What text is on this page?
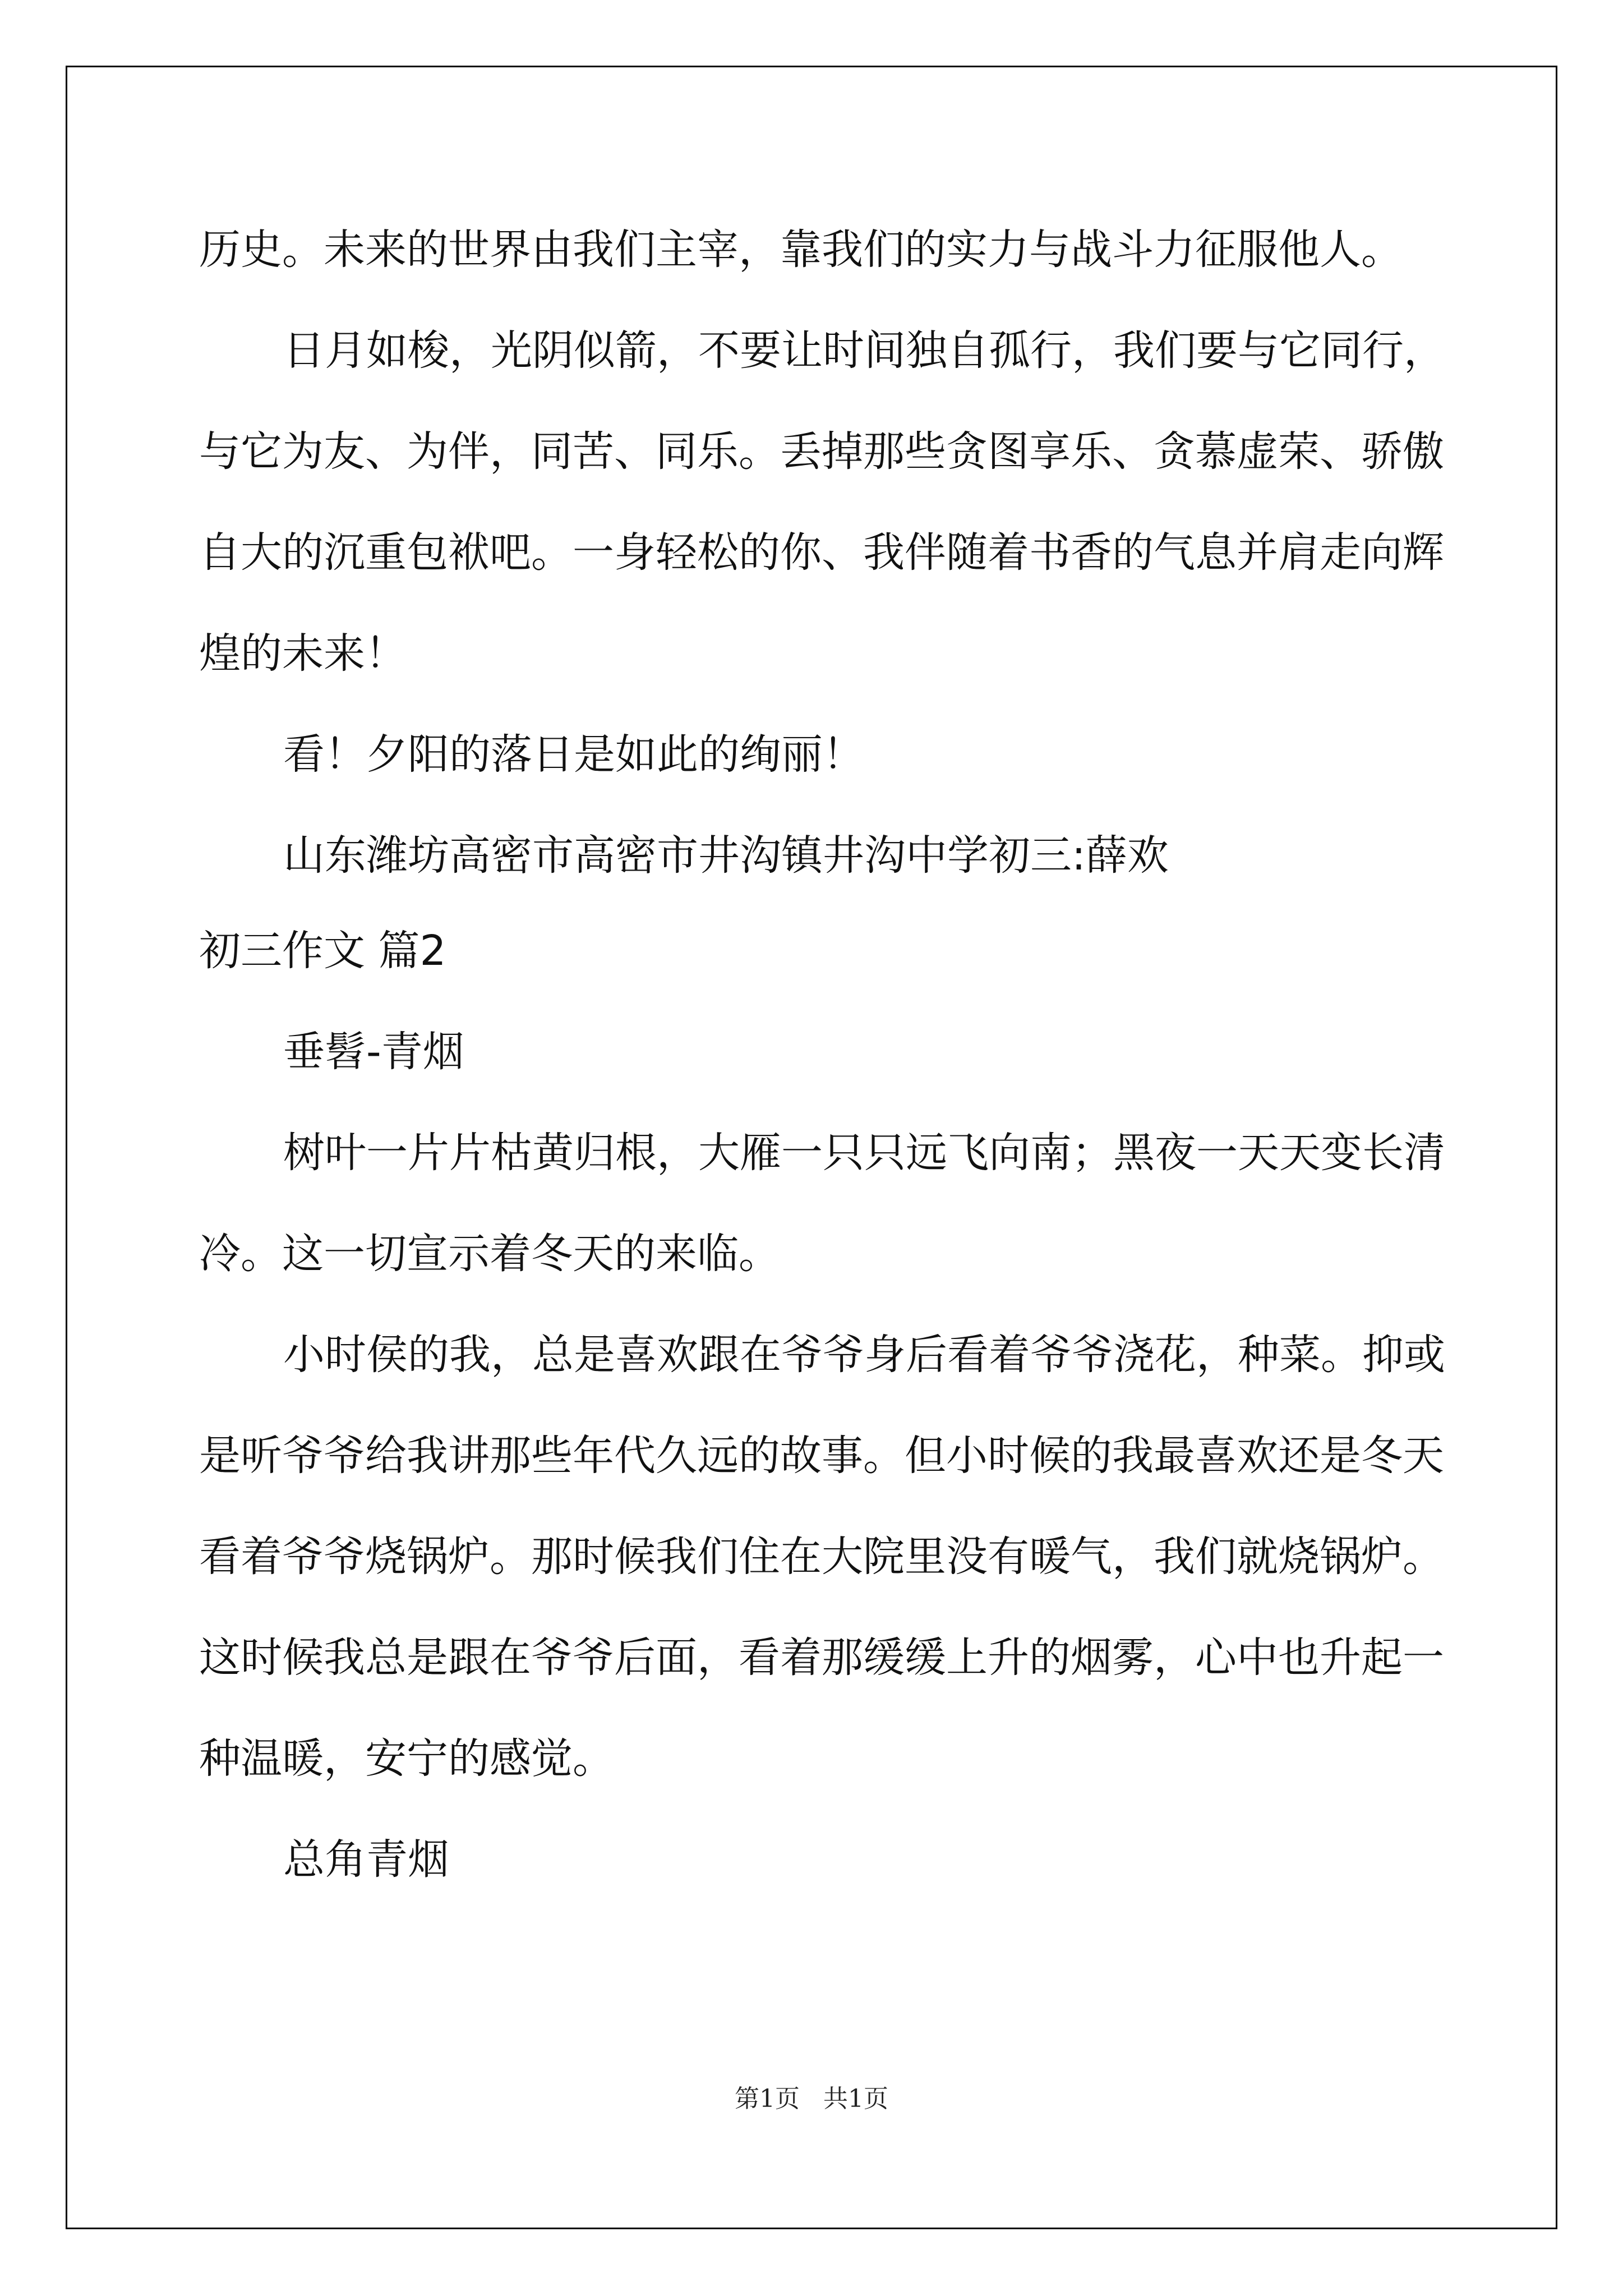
历史。未来的世界由我们主宰，靠我们的实力与战斗力征服他人。
日月如梭，光阴似箭，不要让时间独自孤行，我们要与它同行，
与它为友、为伴，同苦、同乐。丢掉那些贪图享乐、贪慕虚荣、骄傲
自大的沉重包袱吧。一身轻松的你、我伴随着书香的气息并肩走向辉
煌的未来！
看！夕阳的落日是如此的绚丽！
山东潍坊高密市高密市井沟镇井沟中学初三:薛欢
初三作文 篇2
垂髫-青烟
树叶一片片枯黄归根，大雁一只只远飞向南；黑夜一天天变长清
冷。这一切宣示着冬天的来临。
小时侯的我，总是喜欢跟在爷爷身后看着爷爷浇花，种菜。抑或
是听爷爷给我讲那些年代久远的故事。但小时候的我最喜欢还是冬天
看着爷爷烧锅炉。那时候我们住在大院里没有暖气，我们就烧锅炉。
这时候我总是跟在爷爷后面，看着那缓缓上升的烟雾，心中也升起一
种温暖，安宁的感觉。
总角青烟
第1页   共1页
